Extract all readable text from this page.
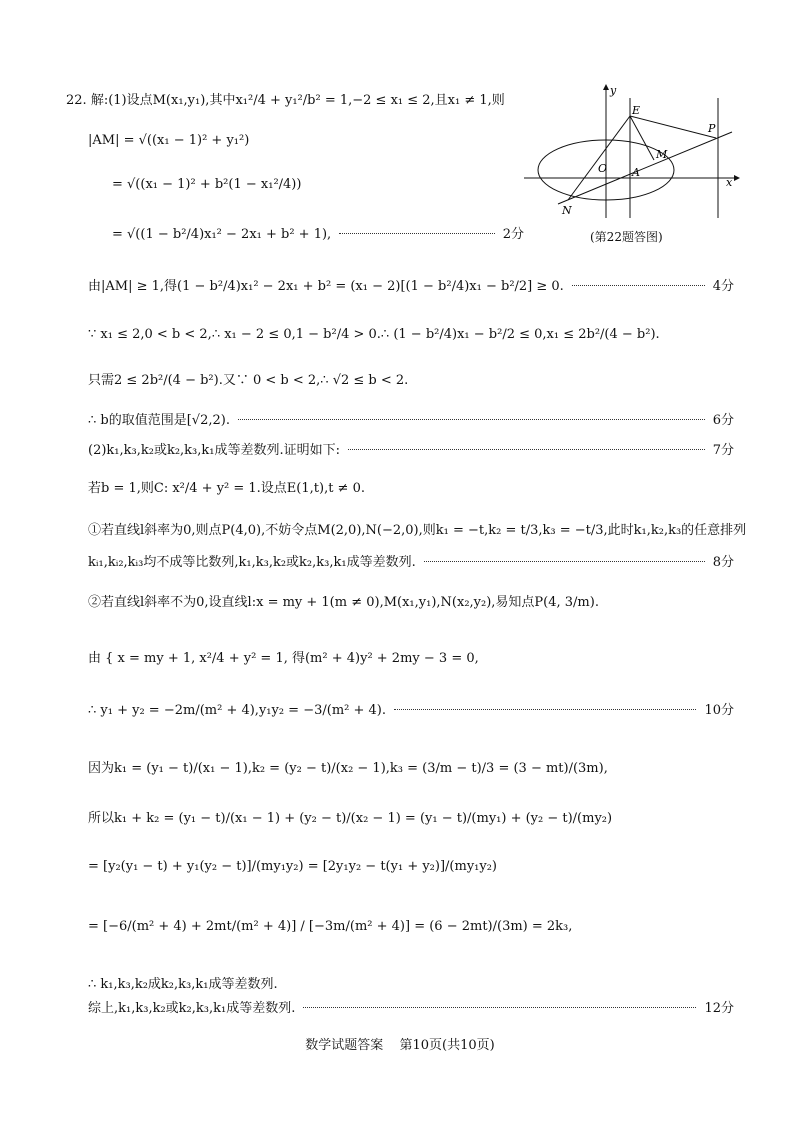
22. 解:(1)设点M(x₁,y₁),其中x₁²/4 + y₁²/b² = 1,−2 ≤ x₁ ≤ 2,且x₁ ≠ 1,则
|AM| = √((x₁ − 1)² + y₁²)
= √((x₁ − 1)² + b²(1 − x₁²/4))
= √((1 − b²/4)x₁² − 2x₁ + b² + 1),	2分
由|AM| ≥ 1,得(1 − b²/4)x₁² − 2x₁ + b² = (x₁ − 2)[(1 − b²/4)x₁ − b²/2] ≥ 0.	4分
∵ x₁ ≤ 2,0 < b < 2,∴ x₁ − 2 ≤ 0,1 − b²/4 > 0.∴ (1 − b²/4)x₁ − b²/2 ≤ 0,x₁ ≤ 2b²/(4 − b²).
只需2 ≤ 2b²/(4 − b²).又∵ 0 < b < 2,∴ √2 ≤ b < 2.
∴ b的取值范围是[√2,2).	6分
(2)k₁,k₃,k₂或k₂,k₃,k₁成等差数列.证明如下:	7分
若b = 1,则C: x²/4 + y² = 1.设点E(1,t),t ≠ 0.
①若直线l斜率为0,则点P(4,0),不妨令点M(2,0),N(−2,0),则k₁ = −t,k₂ = t/3,k₃ = −t/3,此时k₁,k₂,k₃的任意排列
kᵢ₁,kᵢ₂,kᵢ₃均不成等比数列,k₁,k₃,k₂或k₂,k₃,k₁成等差数列.	8分
②若直线l斜率不为0,设直线l:x = my + 1(m ≠ 0),M(x₁,y₁),N(x₂,y₂),易知点P(4, 3/m).
由 { x = my + 1, x²/4 + y² = 1, 得(m² + 4)y² + 2my − 3 = 0,
∴ y₁ + y₂ = −2m/(m² + 4),y₁y₂ = −3/(m² + 4).	10分
因为k₁ = (y₁ − t)/(x₁ − 1),k₂ = (y₂ − t)/(x₂ − 1),k₃ = (3/m − t)/3 = (3 − mt)/(3m),
所以k₁ + k₂ = (y₁ − t)/(x₁ − 1) + (y₂ − t)/(x₂ − 1) = (y₁ − t)/(my₁) + (y₂ − t)/(my₂)
= [y₂(y₁ − t) + y₁(y₂ − t)]/(my₁y₂) = [2y₁y₂ − t(y₁ + y₂)]/(my₁y₂)
= [−6/(m² + 4) + 2mt/(m² + 4)] / [−3m/(m² + 4)] = (6 − 2mt)/(3m) = 2k₃,
∴ k₁,k₃,k₂成k₂,k₃,k₁成等差数列.
综上,k₁,k₃,k₂或k₂,k₃,k₁成等差数列.	12分
x
y
E
P
M
O A
N
(第22题答图)
数学试题答案 第10页(共10页)
